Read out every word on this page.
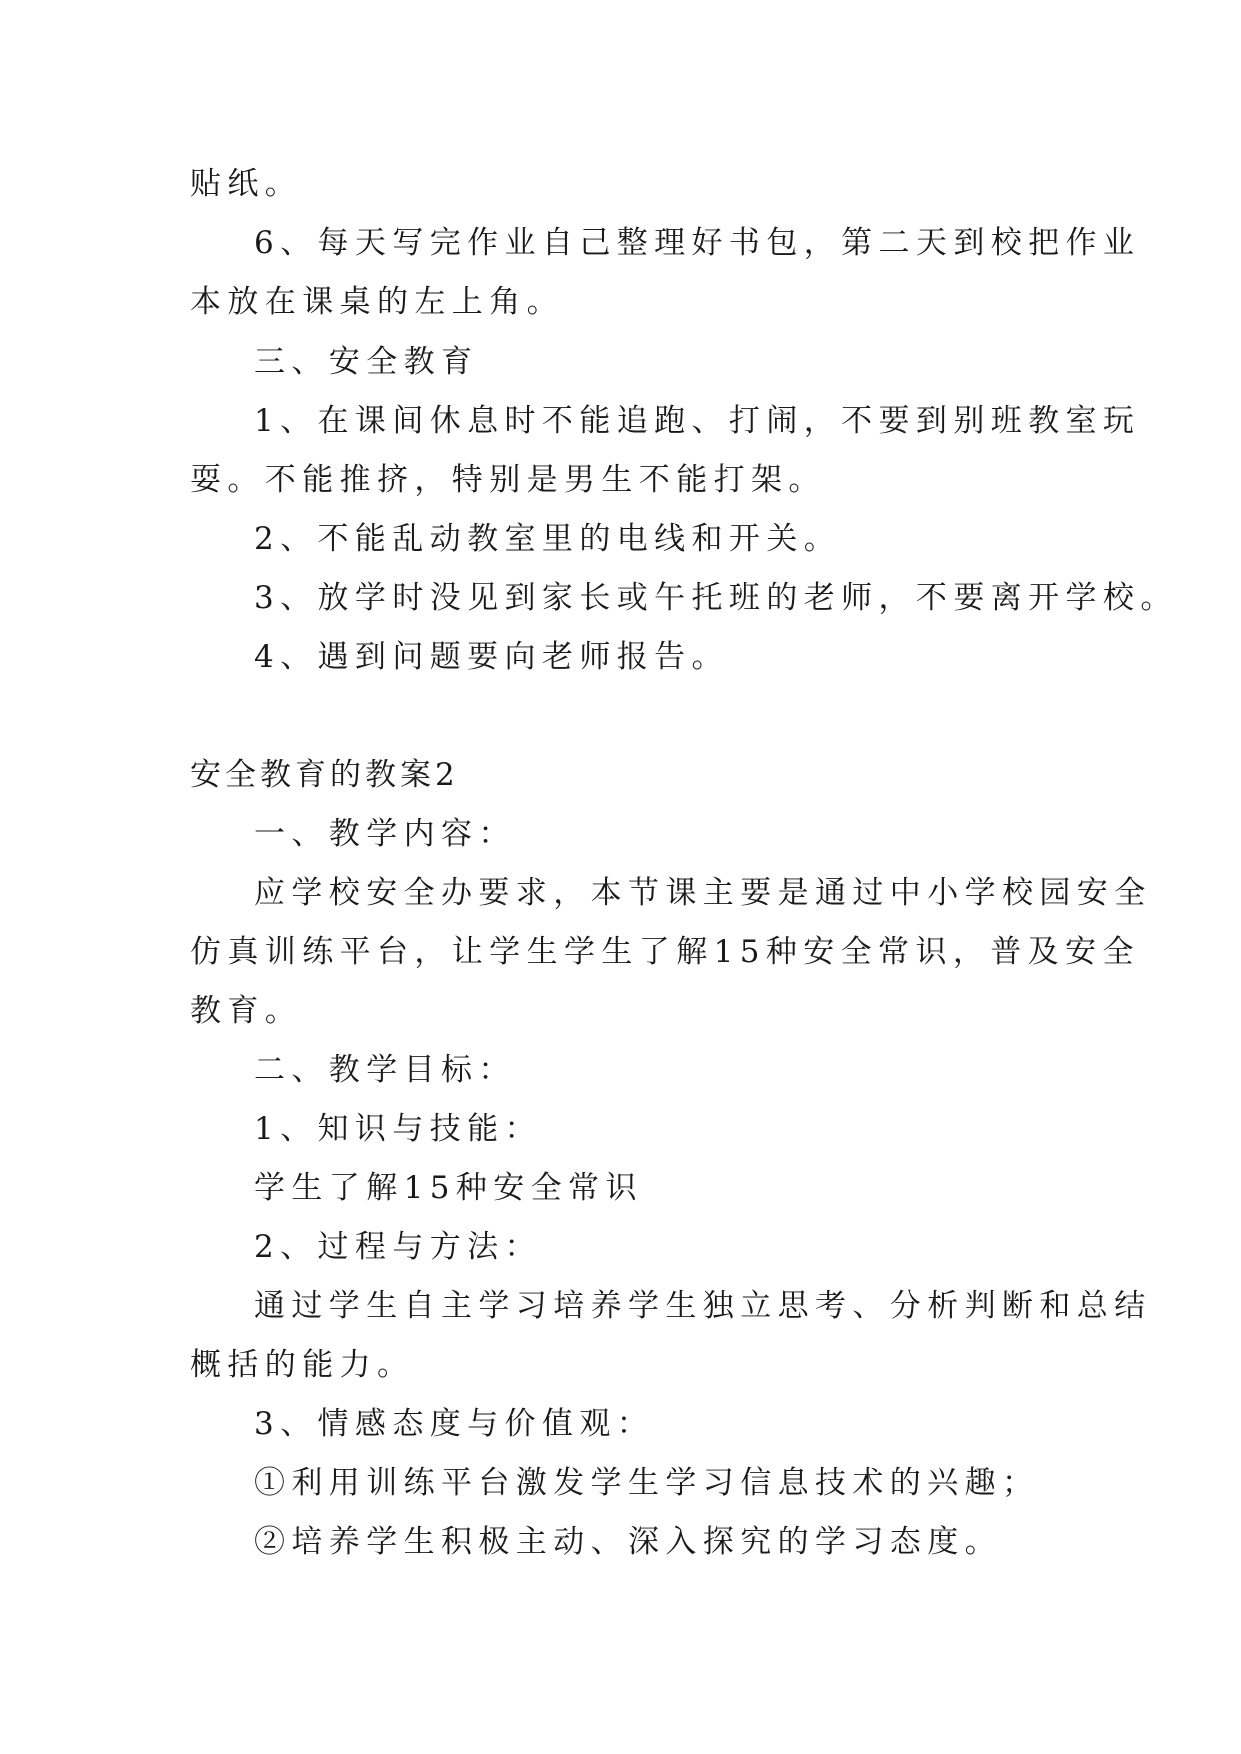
贴纸。
6、每天写完作业自己整理好书包，第二天到校把作业
本放在课桌的左上角。
三、安全教育
1、在课间休息时不能追跑、打闹，不要到别班教室玩
耍。不能推挤，特别是男生不能打架。
2、不能乱动教室里的电线和开关。
3、放学时没见到家长或午托班的老师，不要离开学校。
4、遇到问题要向老师报告。
安全教育的教案2
一、教学内容：
应学校安全办要求，本节课主要是通过中小学校园安全
仿真训练平台，让学生学生了解15种安全常识，普及安全
教育。
二、教学目标：
1、知识与技能：
学生了解15种安全常识
2、过程与方法：
通过学生自主学习培养学生独立思考、分析判断和总结
概括的能力。
3、情感态度与价值观：
①利用训练平台激发学生学习信息技术的兴趣；
②培养学生积极主动、深入探究的学习态度。
